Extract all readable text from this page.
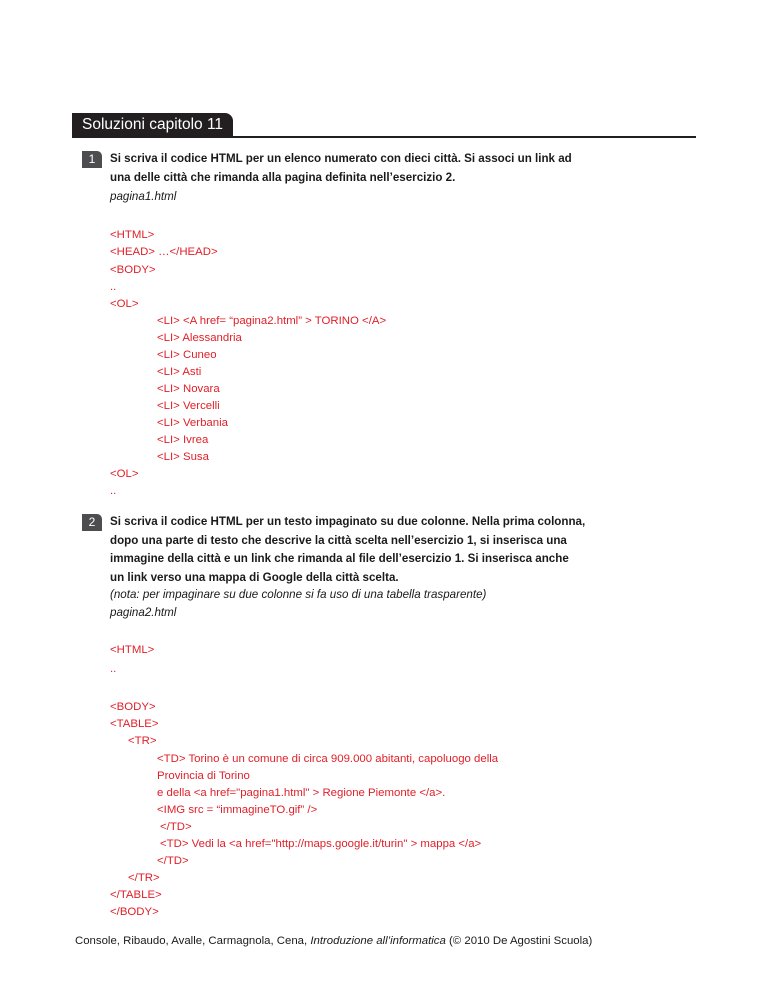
Soluzioni capitolo 11
1	Si scriva il codice HTML per un elenco numerato con dieci città. Si associ un link ad
una delle città che rimanda alla pagina definita nell’esercizio 2.
pagina1.html
<HTML>
<HEAD> …</HEAD>
<BODY>
..
<OL>
<LI> <A href= “pagina2.html” > TORINO </A>
<LI> Alessandria
<LI> Cuneo
<LI> Asti
<LI> Novara
<LI> Vercelli
<LI> Verbania
<LI> Ivrea
<LI> Susa
<OL>
..
2	Si scriva il codice HTML per un testo impaginato su due colonne. Nella prima colonna,
dopo una parte di testo che descrive la città scelta nell’esercizio 1, si inserisca una
immagine della città e un link che rimanda al file dell’esercizio 1. Si inserisca anche
un link verso una mappa di Google della città scelta.
(nota: per impaginare su due colonne si fa uso di una tabella trasparente)
pagina2.html
<HTML>
..
<BODY>
<TABLE>
<TR>
<TD> Torino è un comune di circa 909.000 abitanti, capoluogo della
Provincia di Torino
e della <a href="pagina1.html" > Regione Piemonte </a>.
<IMG src = “immagineTO.gif” />
</TD>
<TD> Vedi la <a href="http://maps.google.it/turin" > mappa </a>
</TD>
</TR>
</TABLE>
</BODY>
Console, Ribaudo, Avalle, Carmagnola, Cena, Introduzione all’informatica (© 2010 De Agostini Scuola)
